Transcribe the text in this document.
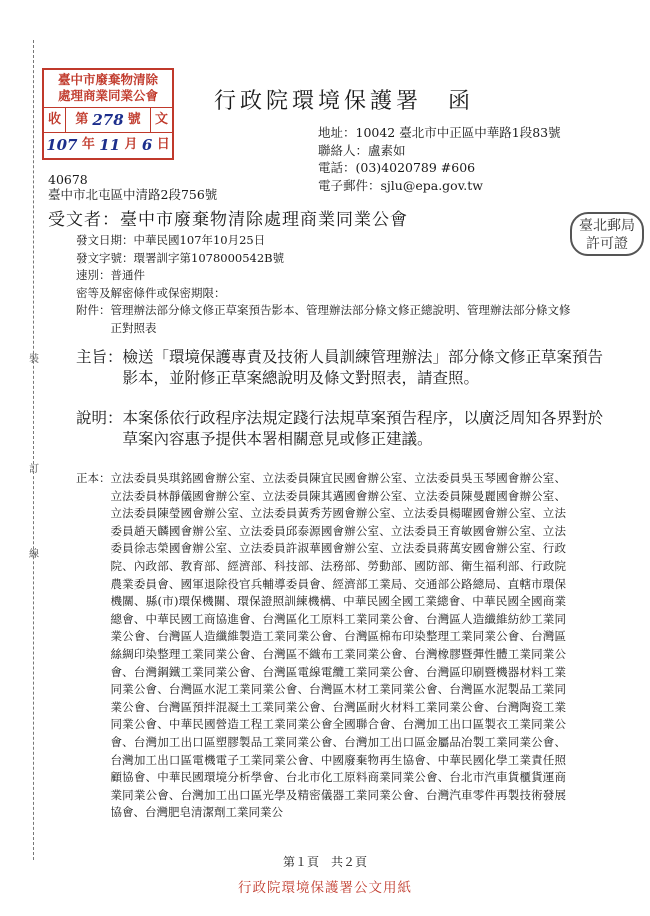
裝
訂
線
臺中市廢棄物清除
處理商業同業公會
收	第 278 號	文
107 年 11 月 6 日
行政院環境保護署　函
地址：10042 臺北市中正區中華路1段83號
聯絡人：盧素如
電話：(03)4020789 #606
電子郵件：sjlu@epa.gov.tw
40678
臺中市北屯區中清路2段756號
受文者：臺中市廢棄物清除處理商業同業公會	臺北郵局
許可證
發文日期：中華民國107年10月25日
發文字號：環署訓字第1078000542B號
速別：普通件
密等及解密條件或保密期限：
附件： 管理辦法部分條文修正草案預告影本、管理辦法部分條文修正總說明、管理辦法部分條文修正對照表
主旨： 檢送「環境保護專責及技術人員訓練管理辦法」部分條文修正草案預告影本，並附修正草案總說明及條文對照表，請查照。
說明： 本案係依行政程序法規定踐行法規草案預告程序，以廣泛周知各界對於草案內容惠予提供本署相關意見或修正建議。
正本： 立法委員吳琪銘國會辦公室、立法委員陳宜民國會辦公室、立法委員吳玉琴國會辦公室、立法委員林靜儀國會辦公室、立法委員陳其邁國會辦公室、立法委員陳曼麗國會辦公室、立法委員陳瑩國會辦公室、立法委員黃秀芳國會辦公室、立法委員楊曜國會辦公室、立法委員趙天麟國會辦公室、立法委員邱泰源國會辦公室、立法委員王育敏國會辦公室、立法委員徐志榮國會辦公室、立法委員許淑華國會辦公室、立法委員蔣萬安國會辦公室、行政院、內政部、教育部、經濟部、科技部、法務部、勞動部、國防部、衛生福利部、行政院農業委員會、國軍退除役官兵輔導委員會、經濟部工業局、交通部公路總局、直轄市環保機關、縣(市)環保機關、環保證照訓練機構、中華民國全國工業總會、中華民國全國商業總會、中華民國工商協進會、台灣區化工原料工業同業公會、台灣區人造纖維紡紗工業同業公會、台灣區人造纖維製造工業同業公會、台灣區棉布印染整理工業同業公會、台灣區絲綢印染整理工業同業公會、台灣區不織布工業同業公會、台灣橡膠暨彈性體工業同業公會、台灣鋼鐵工業同業公會、台灣區電線電纜工業同業公會、台灣區印刷暨機器材料工業同業公會、台灣區水泥工業同業公會、台灣區木材工業同業公會、台灣區水泥製品工業同業公會、台灣區預拌混凝土工業同業公會、台灣區耐火材料工業同業公會、台灣陶瓷工業同業公會、中華民國營造工程工業同業公會全國聯合會、台灣加工出口區製衣工業同業公會、台灣加工出口區塑膠製品工業同業公會、台灣加工出口區金屬品冶製工業同業公會、台灣加工出口區電機電子工業同業公會、中國廢棄物再生協會、中華民國化學工業責任照顧協會、中華民國環境分析學會、台北市化工原料商業同業公會、台北市汽車貨櫃貨運商業同業公會、台灣加工出口區光學及精密儀器工業同業公會、台灣汽車零件再製技術發展協會、台灣肥皂清潔劑工業同業公
第１頁　共２頁
行政院環境保護署公文用紙
